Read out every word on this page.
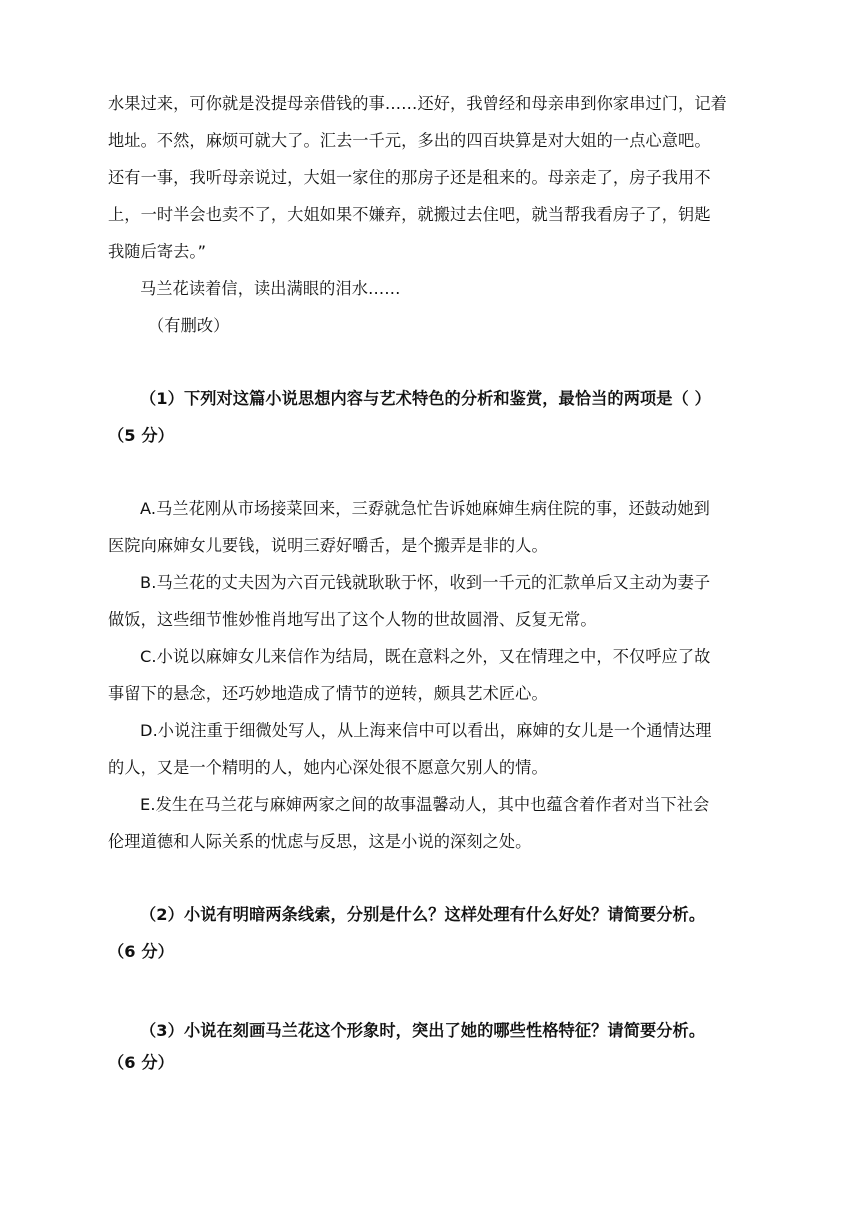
水果过来，可你就是没提母亲借钱的事……还好，我曾经和母亲串到你家串过门，记着
地址。不然，麻烦可就大了。汇去一千元，多出的四百块算是对大姐的一点心意吧。
还有一事，我听母亲说过，大姐一家住的那房子还是租来的。母亲走了，房子我用不
上，一时半会也卖不了，大姐如果不嫌弃，就搬过去住吧，就当帮我看房子了，钥匙
我随后寄去。”
马兰花读着信，读出满眼的泪水……
（有删改）
（1）下列对这篇小说思想内容与艺术特色的分析和鉴赏，最恰当的两项是（ ）
（5 分）
A.马兰花刚从市场接菜回来，三孬就急忙告诉她麻婶生病住院的事，还鼓动她到
医院向麻婶女儿要钱，说明三孬好嚼舌，是个搬弄是非的人。
B.马兰花的丈夫因为六百元钱就耿耿于怀，收到一千元的汇款单后又主动为妻子
做饭，这些细节惟妙惟肖地写出了这个人物的世故圆滑、反复无常。
C.小说以麻婶女儿来信作为结局，既在意料之外，又在情理之中，不仅呼应了故
事留下的悬念，还巧妙地造成了情节的逆转，颇具艺术匠心。
D.小说注重于细微处写人，从上海来信中可以看出，麻婶的女儿是一个通情达理
的人，又是一个精明的人，她内心深处很不愿意欠别人的情。
E.发生在马兰花与麻婶两家之间的故事温馨动人，其中也蕴含着作者对当下社会
伦理道德和人际关系的忧虑与反思，这是小说的深刻之处。
（2）小说有明暗两条线索，分别是什么？这样处理有什么好处？请简要分析。
（6 分）
（3）小说在刻画马兰花这个形象时，突出了她的哪些性格特征？请简要分析。
（6 分）
